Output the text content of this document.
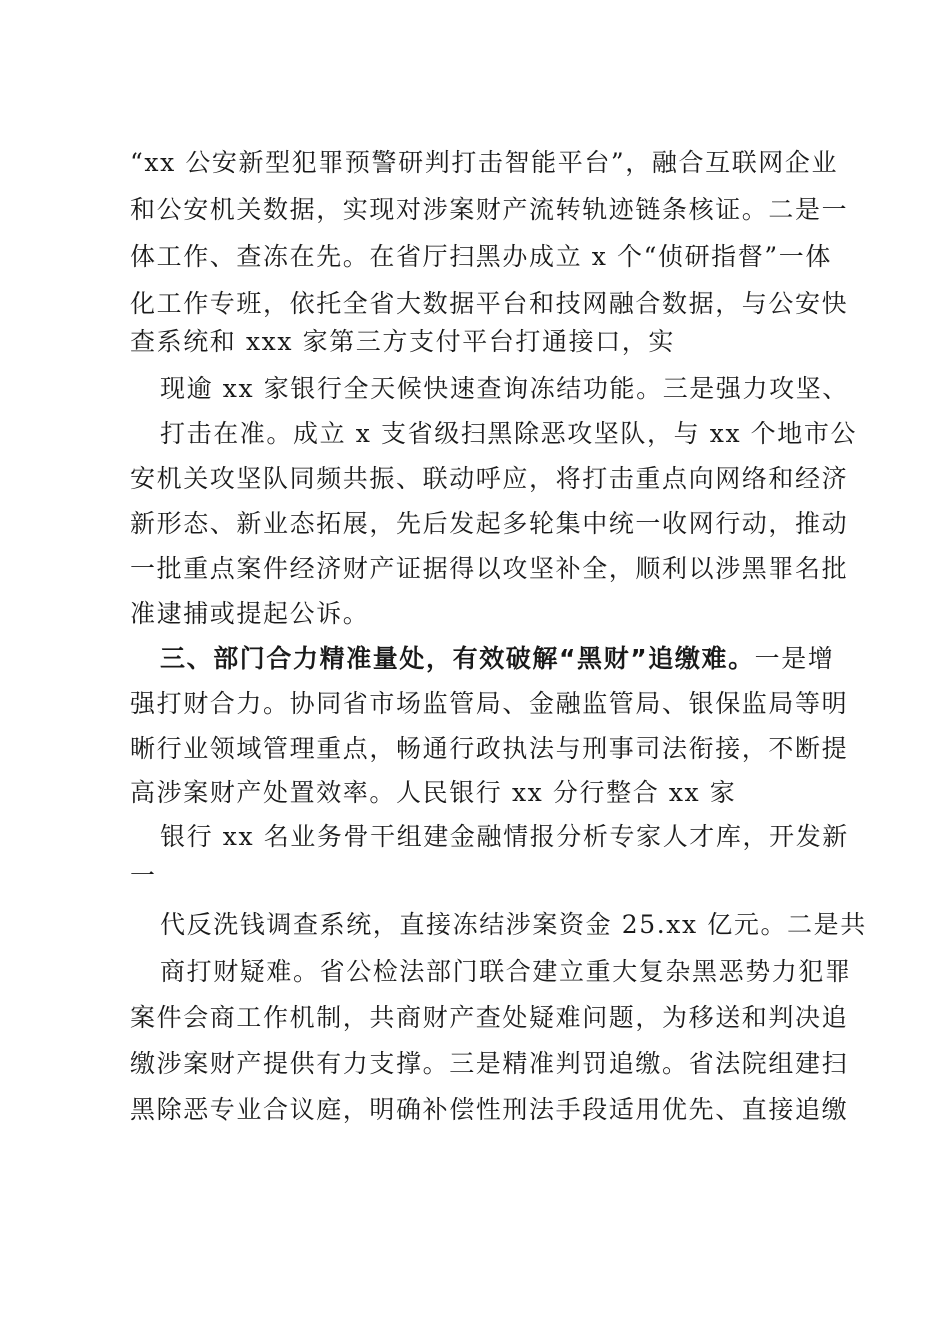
“xx 公安新型犯罪预警研判打击智能平台”，融合互联网企业
和公安机关数据，实现对涉案财产流转轨迹链条核证。二是一
体工作、查冻在先。在省厅扫黑办成立 x 个“侦研指督”一体
化工作专班，依托全省大数据平台和技网融合数据，与公安快
查系统和 xxx 家第三方支付平台打通接口，实
现逾 xx 家银行全天候快速查询冻结功能。三是强力攻坚、
打击在准。成立 x 支省级扫黑除恶攻坚队，与 xx 个地市公
安机关攻坚队同频共振、联动呼应，将打击重点向网络和经济
新形态、新业态拓展，先后发起多轮集中统一收网行动，推动
一批重点案件经济财产证据得以攻坚补全，顺利以涉黑罪名批
准逮捕或提起公诉。
三、部门合力精准量处，有效破解“黑财”追缴难。一是增
强打财合力。协同省市场监管局、金融监管局、银保监局等明
晰行业领域管理重点，畅通行政执法与刑事司法衔接，不断提
高涉案财产处置效率。人民银行 xx 分行整合 xx 家
银行 xx 名业务骨干组建金融情报分析专家人才库，开发新
一
代反洗钱调查系统，直接冻结涉案资金 25.xx 亿元。二是共
商打财疑难。省公检法部门联合建立重大复杂黑恶势力犯罪
案件会商工作机制，共商财产查处疑难问题，为移送和判决追
缴涉案财产提供有力支撑。三是精准判罚追缴。省法院组建扫
黑除恶专业合议庭，明确补偿性刑法手段适用优先、直接追缴
